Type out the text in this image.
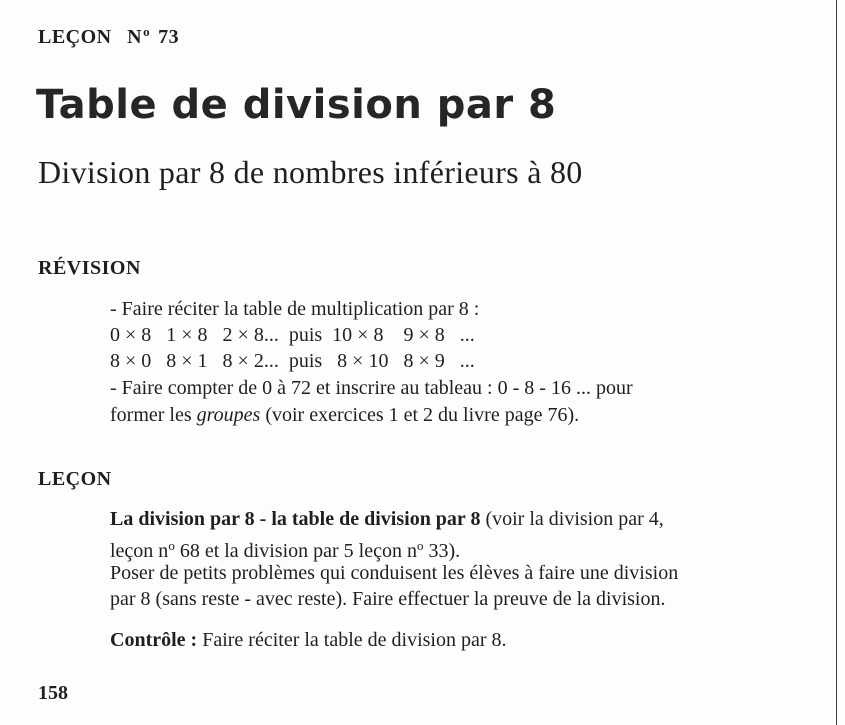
LEÇON $N^o$ 73
Table de division par 8
Division par 8 de nombres inférieurs à 80
RÉVISION
- Faire réciter la table de multiplication par 8 :
0 × 8   1 × 8   2 × 8...  puis  10 × 8    9 × 8   ...
8 × 0   8 × 1   8 × 2...  puis   8 × 10   8 × 9   ...
- Faire compter de 0 à 72 et inscrire au tableau : 0 - 8 - 16 ... pour
former les groupes (voir exercices 1 et 2 du livre page 76).
LEÇON
La division par 8 - la table de division par 8 (voir la division par 4,
leçon $n^o$ 68 et la division par 5 leçon $n^o$ 33).
Poser de petits problèmes qui conduisent les élèves à faire une division
par 8 (sans reste - avec reste). Faire effectuer la preuve de la division.
Contrôle : Faire réciter la table de division par 8.
158
